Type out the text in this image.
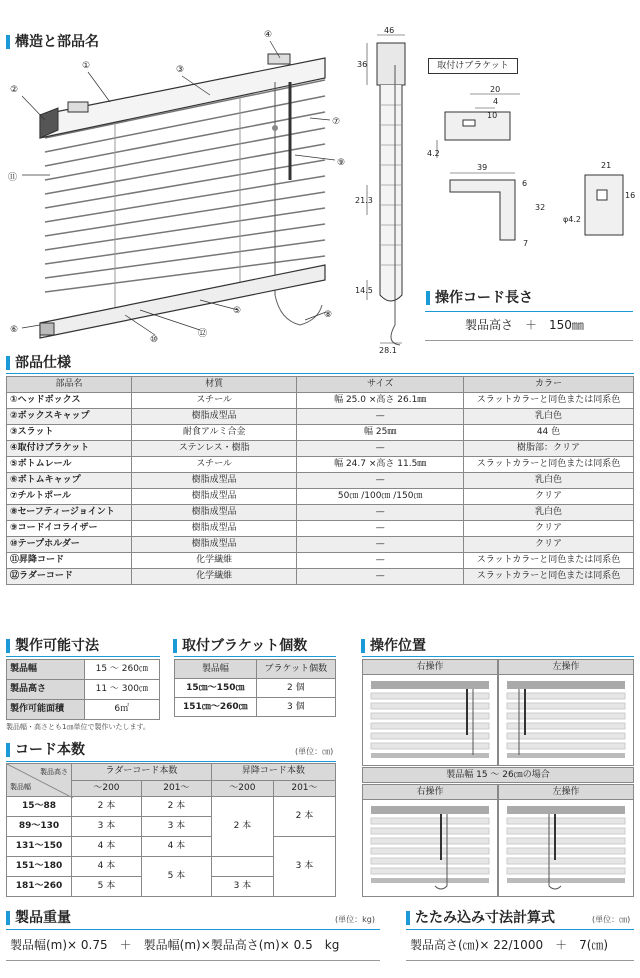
構造と部品名
①
②
③
④
⑤
⑥
⑦
⑧
⑨
⑩
⑪
⑫
46
36
21.3
14.5
28.1
取付けブラケット
20
4
10
4.2
39
6
32
7
21
16
φ4.2
操作コード長さ
製品高さ　＋　150㎜
部品仕様
部品名	材質	サイズ	カラー
①ヘッドボックス	スチール	幅 25.0 ×高さ 26.1㎜	スラットカラーと同色または同系色
②ボックスキャップ	樹脂成型品	—	乳白色
③スラット	耐食アルミ合金	幅 25㎜	44 色
④取付けブラケット	ステンレス・樹脂	—	樹脂部：クリア
⑤ボトムレール	スチール	幅 24.7 ×高さ 11.5㎜	スラットカラーと同色または同系色
⑥ボトムキャップ	樹脂成型品	—	乳白色
⑦チルトポール	樹脂成型品	50㎝ /100㎝ /150㎝	クリア
⑧セーフティージョイント	樹脂成型品	—	乳白色
⑨コードイコライザー	樹脂成型品	—	クリア
⑩テープホルダー	樹脂成型品	—	クリア
⑪昇降コード	化学繊維	—	スラットカラーと同色または同系色
⑫ラダーコード	化学繊維	—	スラットカラーと同色または同系色
製作可能寸法
製品幅	15 ～ 260㎝
製品高さ	11 ～ 300㎝
製作可能面積	6㎡
製品幅・高さとも1㎝単位で製作いたします。
取付ブラケット個数
製品幅	ブラケット個数
15㎝～150㎝	2 個
151㎝～260㎝	3 個
操作位置
右操作	左操作
製品幅 15 ～ 26㎝の場合
右操作	左操作
コード本数	(単位：㎝)
製品高さ
製品幅	ラダーコード本数		昇降コード本数	
	～200	201～	～200	201～
15～88	2 本	2 本	2 本	2 本
89～130	3 本	3 本		
131～150	4 本	4 本		3 本
151～180	4 本	5 本		
181～260	5 本		3 本	
製品重量	(単位：kg)
製品幅(m)× 0.75　＋　製品幅(m)×製品高さ(m)× 0.5　kg
たたみ込み寸法計算式	(単位：㎝)
製品高さ(㎝)× 22/1000　＋　7(㎝)
